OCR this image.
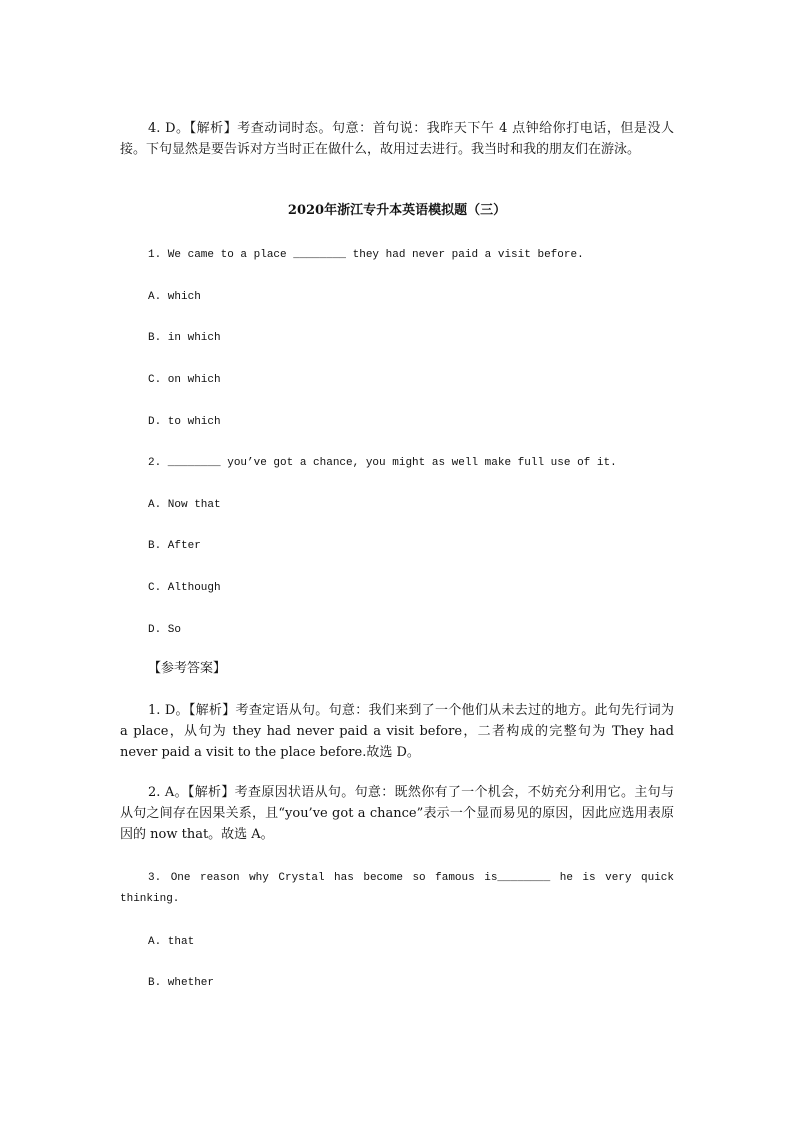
4. D。【解析】考查动词时态。句意：首句说：我昨天下午 4 点钟给你打电话，但是没人接。下句显然是要告诉对方当时正在做什么，故用过去进行。我当时和我的朋友们在游泳。
2020年浙江专升本英语模拟题（三）
1. We came to a place ________ they had never paid a visit before.
A. which
B. in which
C. on which
D. to which
2. ________ you’ve got a chance, you might as well make full use of it.
A. Now that
B. After
C. Although
D. So
【参考答案】
1. D。【解析】考查定语从句。句意：我们来到了一个他们从未去过的地方。此句先行词为 a place，从句为 they had never paid a visit before，二者构成的完整句为 They had never paid a visit to the place before.故选 D。
2. A。【解析】考查原因状语从句。句意：既然你有了一个机会，不妨充分利用它。主句与从句之间存在因果关系，且“you’ve got a chance”表示一个显而易见的原因，因此应选用表原因的 now that。故选 A。
3. One reason why Crystal has become so famous is________ he is very quick thinking.
A. that
B. whether
